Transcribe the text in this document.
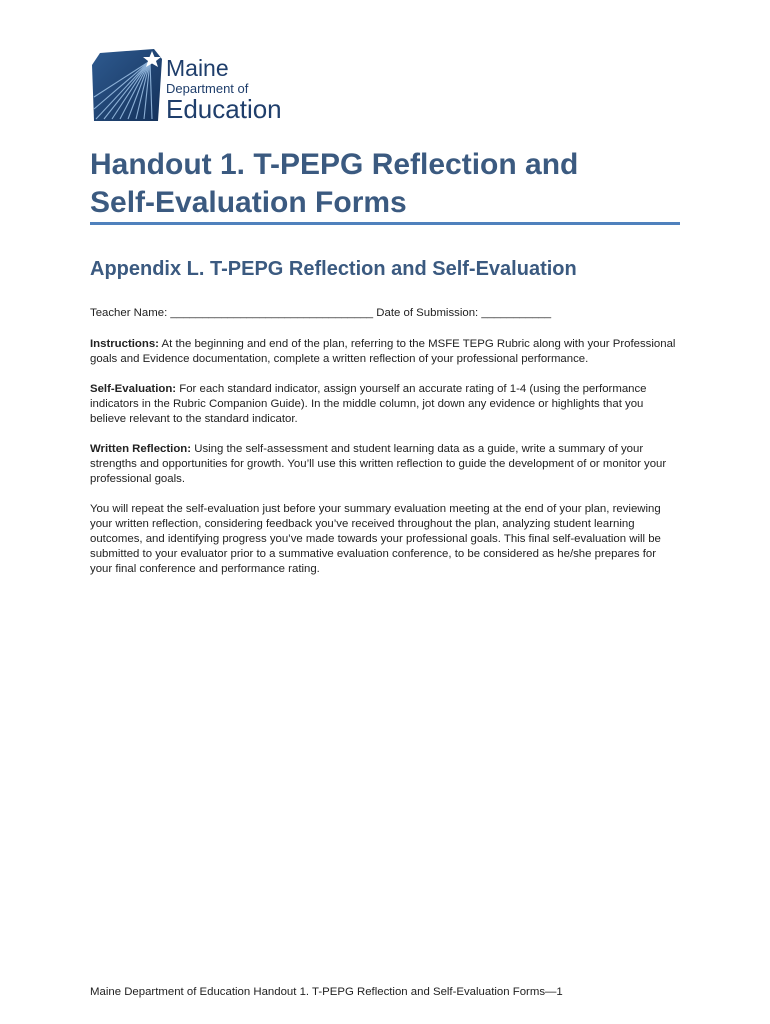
Maine
Department of
Education
Handout 1. T-PEPG Reflection and
Self-Evaluation Forms
Appendix L. T-PEPG Reflection and Self-Evaluation

Teacher Name: ________________________________ Date of Submission: ___________

Instructions: At the beginning and end of the plan, referring to the MSFE TEPG Rubric along with your Professional goals and Evidence documentation, complete a written reflection of your professional performance.

Self-Evaluation: For each standard indicator, assign yourself an accurate rating of 1-4 (using the performance indicators in the Rubric Companion Guide). In the middle column, jot down any evidence or highlights that you believe relevant to the standard indicator.

Written Reflection: Using the self-assessment and student learning data as a guide, write a summary of your strengths and opportunities for growth. You’ll use this written reflection to guide the development of or monitor your professional goals.

You will repeat the self-evaluation just before your summary evaluation meeting at the end of your plan, reviewing your written reflection, considering feedback you’ve received throughout the plan, analyzing student learning outcomes, and identifying progress you’ve made towards your professional goals. This final self-evaluation will be submitted to your evaluator prior to a summative evaluation conference, to be considered as he/she prepares for your final conference and performance rating.

Maine Department of Education Handout 1. T-PEPG Reflection and Self-Evaluation Forms—1
